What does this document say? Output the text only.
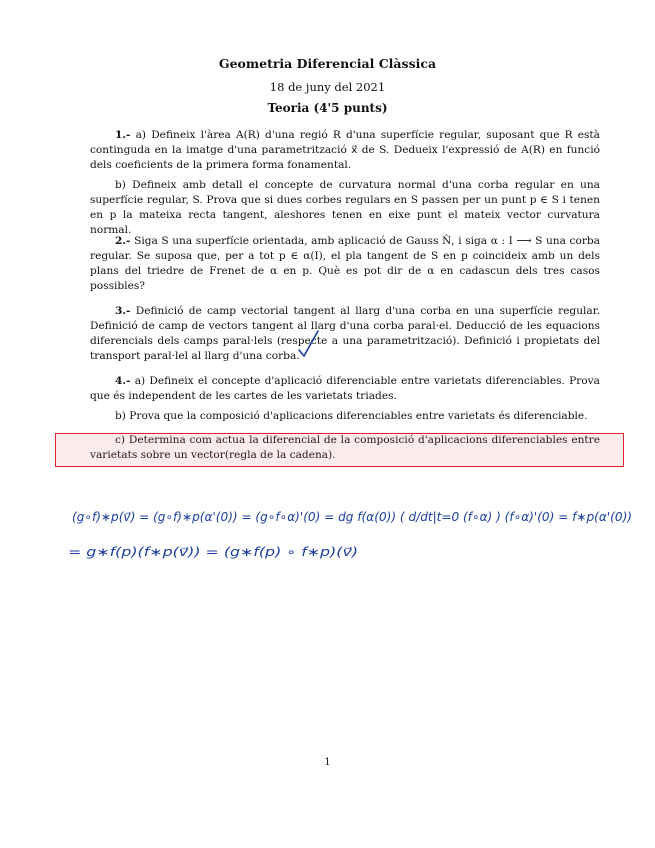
Geometria Diferencial Clàssica
18 de juny del 2021
Teoria (4'5 punts)
1.- a) Defineix l'àrea A(R) d'una regió R d'una superfície regular, suposant que R està continguda en la imatge d'una parametrització x⃗ de S. Dedueix l'expressió de A(R) en funció dels coeficients de la primera forma fonamental.
b) Defineix amb detall el concepte de curvatura normal d'una corba regular en una superfície regular, S. Prova que si dues corbes regulars en S passen per un punt p ∈ S i tenen en p la mateixa recta tangent, aleshores tenen en eixe punt el mateix vector curvatura normal.
2.- Siga S una superfície orientada, amb aplicació de Gauss N̂, i siga α : I ⟶ S una corba regular. Se suposa que, per a tot p ∈ α(I), el pla tangent de S en p coincideix amb un dels plans del triedre de Frenet de α en p. Què es pot dir de α en cadascun dels tres casos possibles?
3.- Definició de camp vectorial tangent al llarg d'una corba en una superfície regular. Definició de camp de vectors tangent al llarg d'una corba paral·el. Deducció de les equacions diferencials dels camps paral·lels (respecte a una parametrització). Definició i propietats del transport paral·lel al llarg d'una corba.
4.- a) Defineix el concepte d'aplicació diferenciable entre varietats diferenciables. Prova que és independent de les cartes de les varietats triades.
b) Prova que la composició d'aplicacions diferenciables entre varietats és diferenciable.
c) Determina com actua la diferencial de la composició d'aplicacions diferenciables entre varietats sobre un vector(regla de la cadena).
(g∘f)∗p(v⃗) = (g∘f)∗p(α'(0)) = (g∘f∘α)'(0) = dg f(α(0)) ( d/dt|t=0 (f∘α) ) (f∘α)'(0) = f∗p(α'(0))
= g∗f(p)(f∗p(v⃗)) = (g∗f(p) ∘ f∗p)(v⃗)
1
